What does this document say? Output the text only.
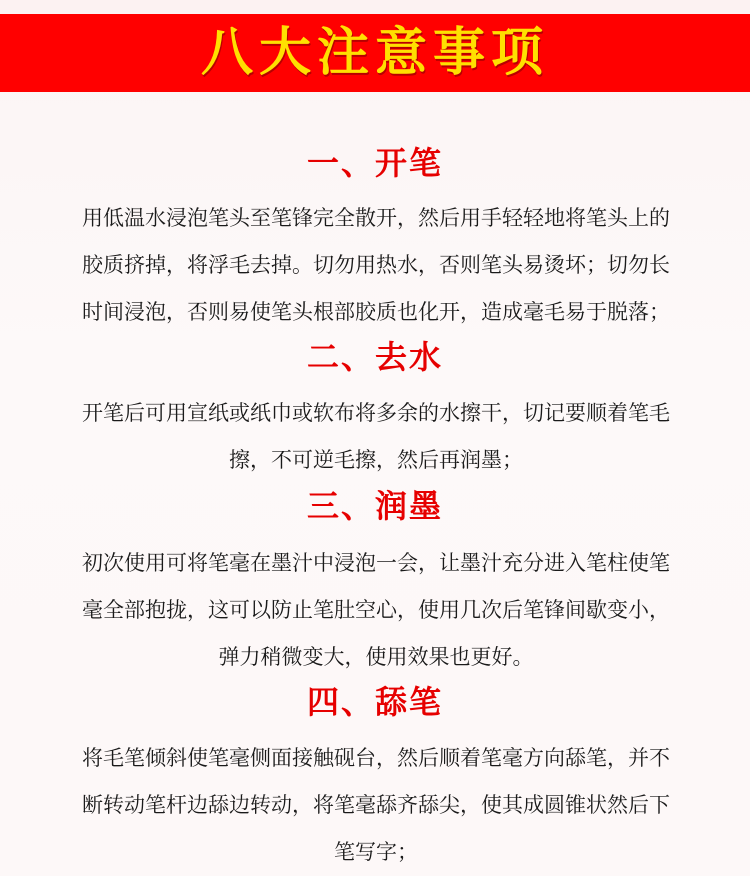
八大注意事项
一、开笔
用低温水浸泡笔头至笔锋完全散开，然后用手轻轻地将笔头上的
胶质挤掉，将浮毛去掉。切勿用热水，否则笔头易烫坏；切勿长
时间浸泡，否则易使笔头根部胶质也化开，造成毫毛易于脱落；
二、去水
开笔后可用宣纸或纸巾或软布将多余的水擦干，切记要顺着笔毛
擦，不可逆毛擦，然后再润墨；
三、润墨
初次使用可将笔毫在墨汁中浸泡一会，让墨汁充分进入笔柱使笔
毫全部抱拢，这可以防止笔肚空心，使用几次后笔锋间歇变小，
弹力稍微变大，使用效果也更好。
四、舔笔
将毛笔倾斜使笔毫侧面接触砚台，然后顺着笔毫方向舔笔，并不
断转动笔杆边舔边转动，将笔毫舔齐舔尖，使其成圆锥状然后下
笔写字；
